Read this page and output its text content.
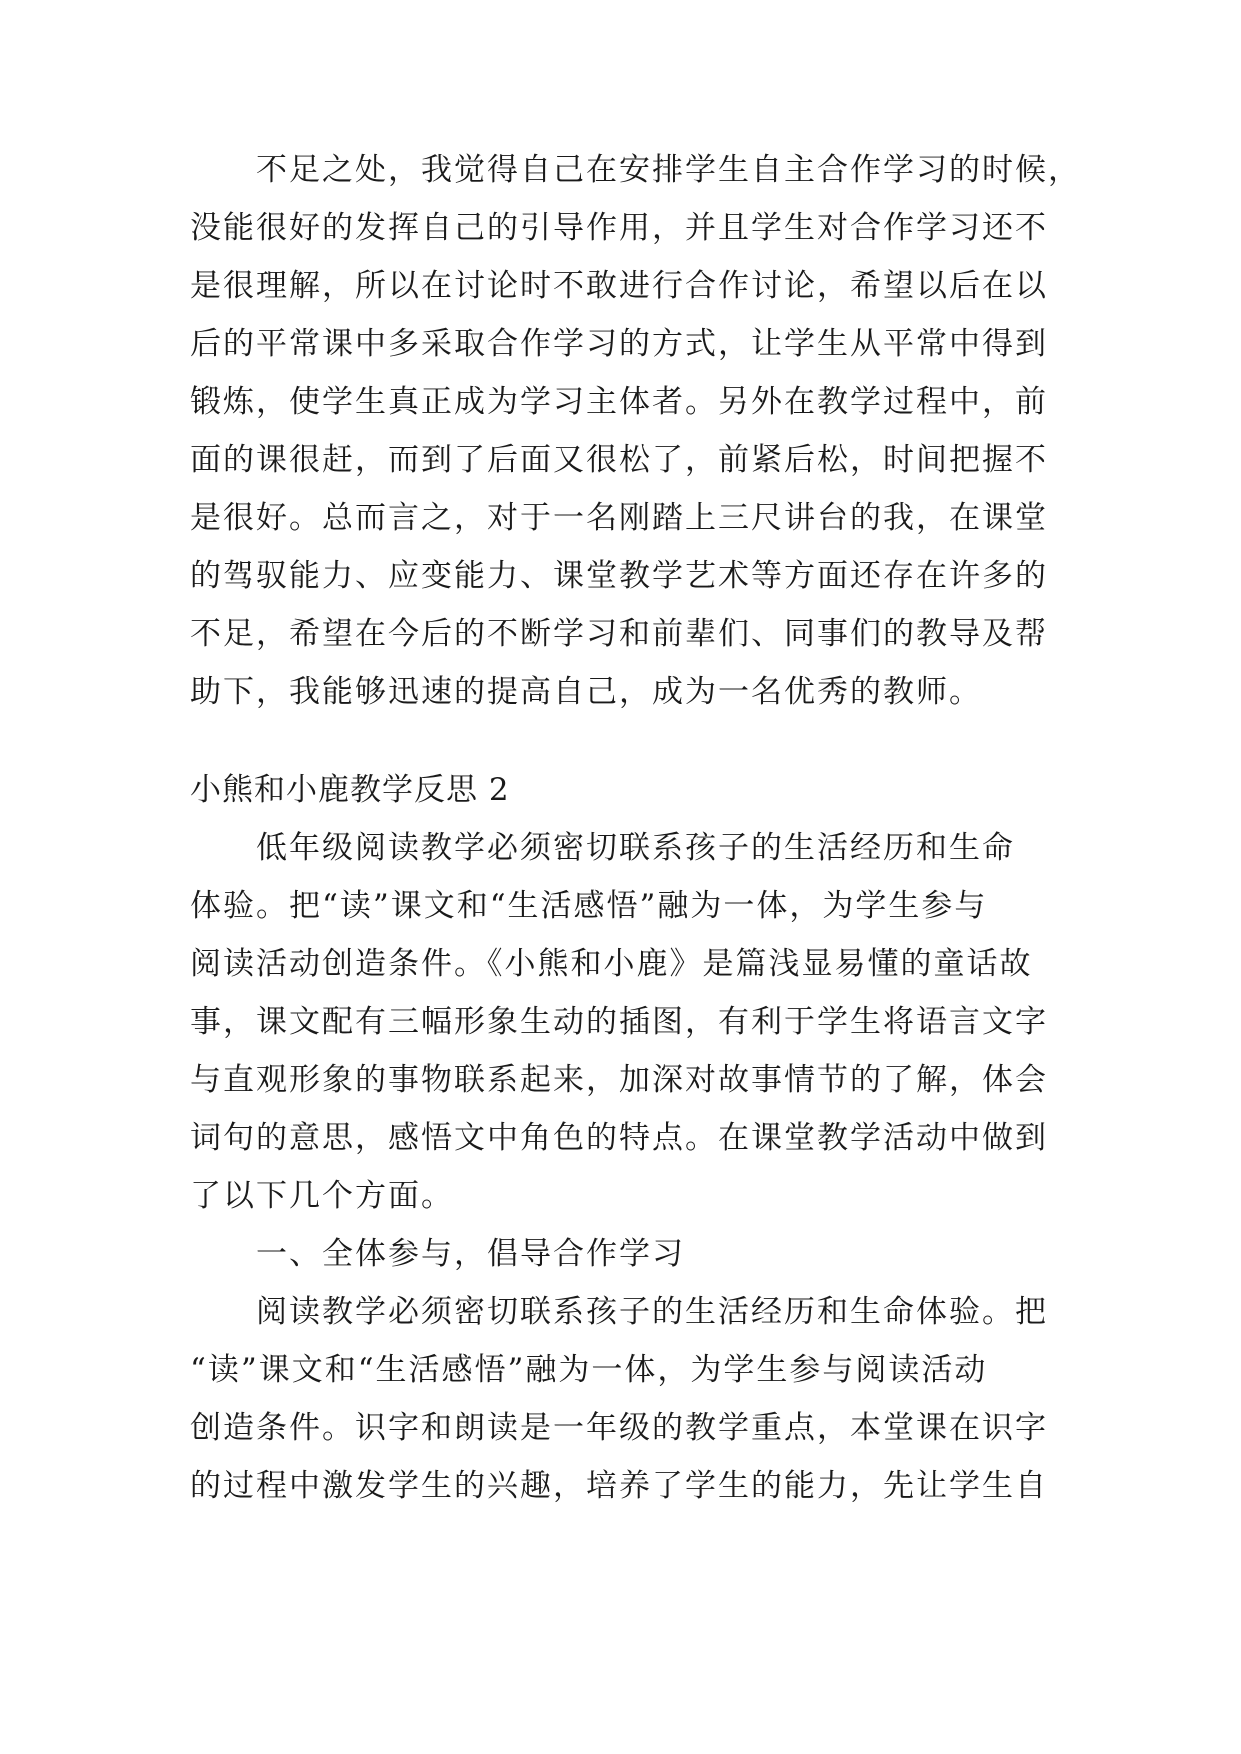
不足之处，我觉得自己在安排学生自主合作学习的时候，
没能很好的发挥自己的引导作用，并且学生对合作学习还不
是很理解，所以在讨论时不敢进行合作讨论，希望以后在以
后的平常课中多采取合作学习的方式，让学生从平常中得到
锻炼，使学生真正成为学习主体者。另外在教学过程中，前
面的课很赶，而到了后面又很松了，前紧后松，时间把握不
是很好。总而言之，对于一名刚踏上三尺讲台的我，在课堂
的驾驭能力、应变能力、课堂教学艺术等方面还存在许多的
不足，希望在今后的不断学习和前辈们、同事们的教导及帮
助下，我能够迅速的提高自己，成为一名优秀的教师。
小熊和小鹿教学反思 2
低年级阅读教学必须密切联系孩子的生活经历和生命
体验。把“读”课文和“生活感悟”融为一体，为学生参与
阅读活动创造条件。《小熊和小鹿》是篇浅显易懂的童话故
事，课文配有三幅形象生动的插图，有利于学生将语言文字
与直观形象的事物联系起来，加深对故事情节的了解，体会
词句的意思，感悟文中角色的特点。在课堂教学活动中做到
了以下几个方面。
一、全体参与，倡导合作学习
阅读教学必须密切联系孩子的生活经历和生命体验。把
“读”课文和“生活感悟”融为一体，为学生参与阅读活动
创造条件。识字和朗读是一年级的教学重点，本堂课在识字
的过程中激发学生的兴趣，培养了学生的能力，先让学生自
